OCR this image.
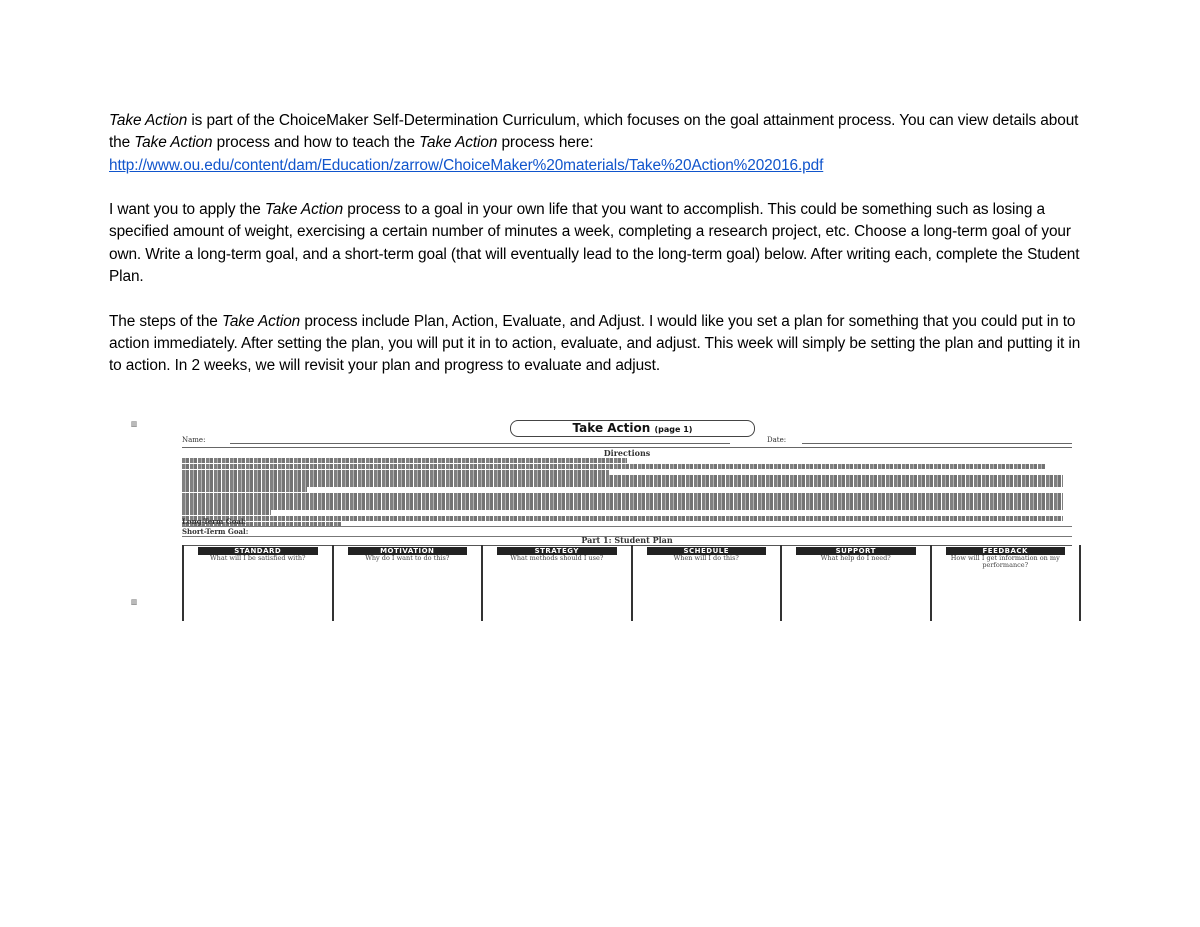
Take Action is part of the ChoiceMaker Self-Determination Curriculum, which focuses on the goal attainment process. You can view details about the Take Action process and how to teach the Take Action process here:
http://www.ou.edu/content/dam/Education/zarrow/ChoiceMaker%20materials/Take%20Action%202016.pdf

I want you to apply the Take Action process to a goal in your own life that you want to accomplish. This could be something such as losing a specified amount of weight, exercising a certain number of minutes a week, completing a research project, etc. Choose a long-term goal of your own. Write a long-term goal, and a short-term goal (that will eventually lead to the long-term goal) below. After writing each, complete the Student Plan.

The steps of the Take Action process include Plan, Action, Evaluate, and Adjust. I would like you set a plan for something that you could put in to action immediately. After setting the plan, you will put it in to action, evaluate, and adjust. This week will simply be setting the plan and putting it in to action. In 2 weeks, we will revisit your plan and progress to evaluate and adjust.

▥
▥
Take Action (page 1)
Name:	Date:
Directions
Long-Term Goal:
Short-Term Goal:
Part 1: Student Plan
STANDARD
What will I be satisfied with?
MOTIVATION
Why do I want to do this?
STRATEGY
What methods should I use?
SCHEDULE
When will I do this?
SUPPORT
What help do I need?
FEEDBACK
How will I get information on my performance?
